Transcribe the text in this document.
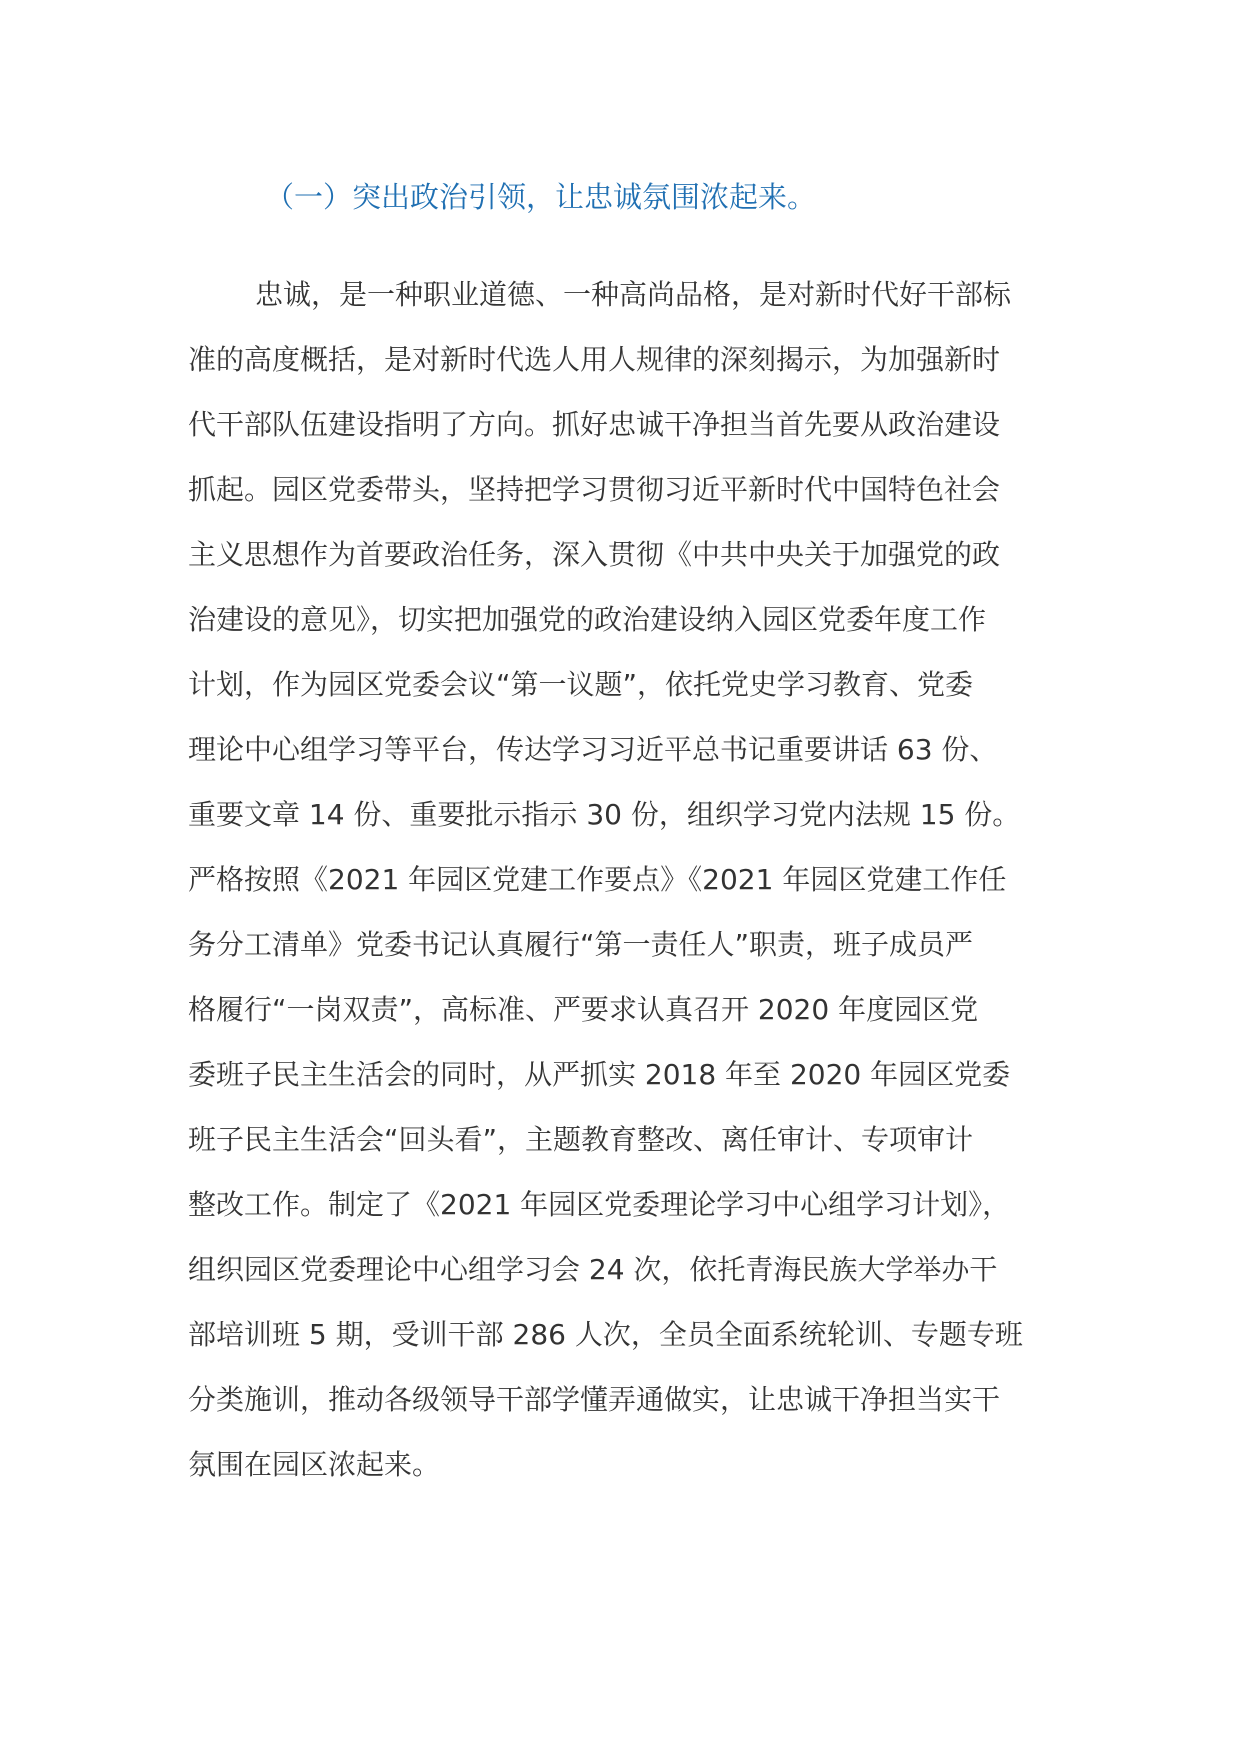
（一）突出政治引领，让忠诚氛围浓起来。
忠诚，是一种职业道德、一种高尚品格，是对新时代好干部标
准的高度概括，是对新时代选人用人规律的深刻揭示，为加强新时
代干部队伍建设指明了方向。抓好忠诚干净担当首先要从政治建设
抓起。园区党委带头，坚持把学习贯彻习近平新时代中国特色社会
主义思想作为首要政治任务，深入贯彻《中共中央关于加强党的政
治建设的意见》，切实把加强党的政治建设纳入园区党委年度工作
计划，作为园区党委会议“第一议题”，依托党史学习教育、党委
理论中心组学习等平台，传达学习习近平总书记重要讲话 63 份、
重要文章 14 份、重要批示指示 30 份，组织学习党内法规 15 份。
严格按照《2021 年园区党建工作要点》《2021 年园区党建工作任
务分工清单》党委书记认真履行“第一责任人”职责，班子成员严
格履行“一岗双责”，高标准、严要求认真召开 2020 年度园区党
委班子民主生活会的同时，从严抓实 2018 年至 2020 年园区党委
班子民主生活会“回头看”，主题教育整改、离任审计、专项审计
整改工作。制定了《2021 年园区党委理论学习中心组学习计划》，
组织园区党委理论中心组学习会 24 次，依托青海民族大学举办干
部培训班 5 期，受训干部 286 人次，全员全面系统轮训、专题专班
分类施训，推动各级领导干部学懂弄通做实，让忠诚干净担当实干
氛围在园区浓起来。
